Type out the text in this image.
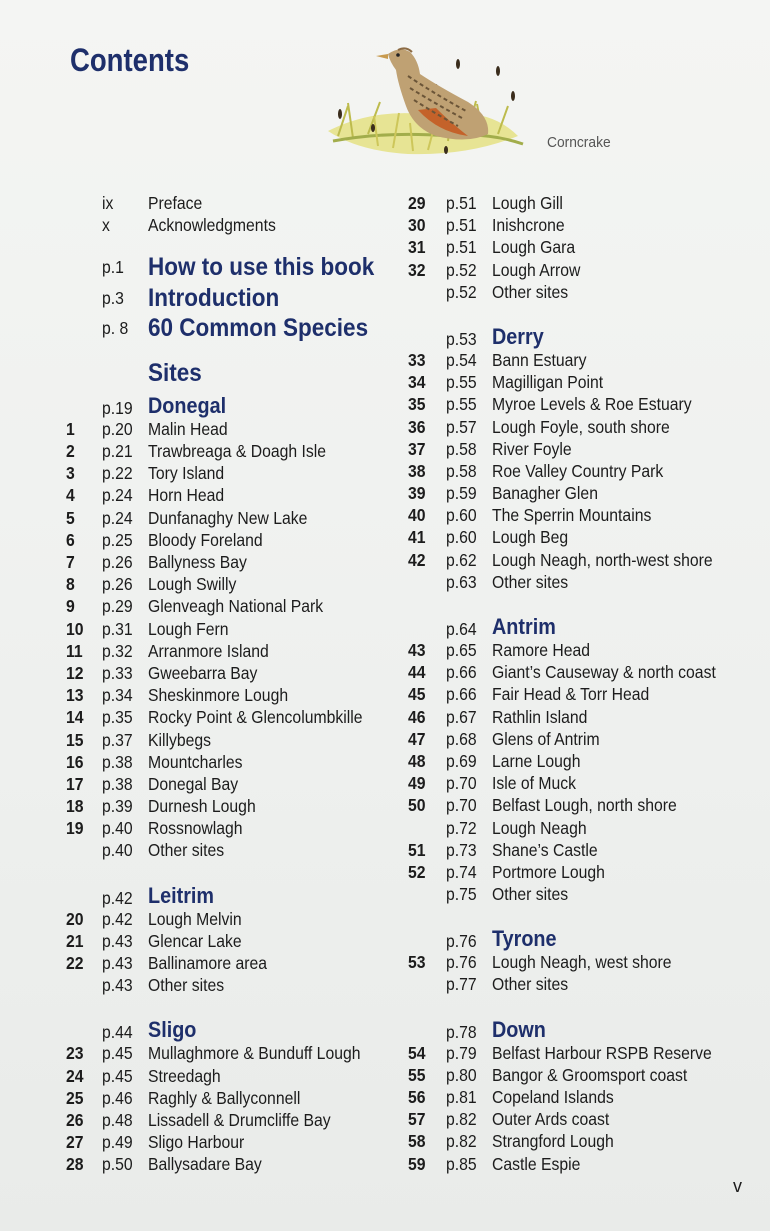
Contents
Corncrake
ix Preface
x Acknowledgments
p.1 How to use this book
p.3 Introduction
p. 8 60 Common Species
Sites
p.19 Donegal
1	p.20 Malin Head
2	p.21 Trawbreaga & Doagh Isle
3	p.22 Tory Island
4	p.24 Horn Head
5	p.24 Dunfanaghy New Lake
6	p.25 Bloody Foreland
7	p.26 Ballyness Bay
8	p.26 Lough Swilly
9	p.29 Glenveagh National Park
10	p.31 Lough Fern
11	p.32 Arranmore Island
12	p.33 Gweebarra Bay
13	p.34 Sheskinmore Lough
14	p.35 Rocky Point & Glencolumbkille
15	p.37 Killybegs
16	p.38 Mountcharles
17	p.38 Donegal Bay
18	p.39 Durnesh Lough
19	p.40 Rossnowlagh
p.40 Other sites
p.42 Leitrim
20	p.42 Lough Melvin
21	p.43 Glencar Lake
22	p.43 Ballinamore area
p.43 Other sites
p.44 Sligo
23	p.45 Mullaghmore & Bunduff Lough
24	p.45 Streedagh
25	p.46 Raghly & Ballyconnell
26	p.48 Lissadell & Drumcliffe Bay
27	p.49 Sligo Harbour
28	p.50 Ballysadare Bay
29	p.51 Lough Gill
30	p.51 Inishcrone
31	p.51 Lough Gara
32	p.52 Lough Arrow
p.52 Other sites
p.53 Derry
33	p.54 Bann Estuary
34	p.55 Magilligan Point
35	p.55 Myroe Levels & Roe Estuary
36	p.57 Lough Foyle, south shore
37	p.58 River Foyle
38	p.58 Roe Valley Country Park
39	p.59 Banagher Glen
40	p.60 The Sperrin Mountains
41	p.60 Lough Beg
42	p.62 Lough Neagh, north-west shore
p.63 Other sites
p.64 Antrim
43	p.65 Ramore Head
44	p.66 Giant’s Causeway & north coast
45	p.66 Fair Head & Torr Head
46	p.67 Rathlin Island
47	p.68 Glens of Antrim
48	p.69 Larne Lough
49	p.70 Isle of Muck
50	p.70 Belfast Lough, north shore
p.72 Lough Neagh
51	p.73 Shane’s Castle
52	p.74 Portmore Lough
p.75 Other sites
p.76 Tyrone
53	p.76 Lough Neagh, west shore
p.77 Other sites
p.78 Down
54	p.79 Belfast Harbour RSPB Reserve
55	p.80 Bangor & Groomsport coast
56	p.81 Copeland Islands
57	p.82 Outer Ards coast
58	p.82 Strangford Lough
59	p.85 Castle Espie
v
